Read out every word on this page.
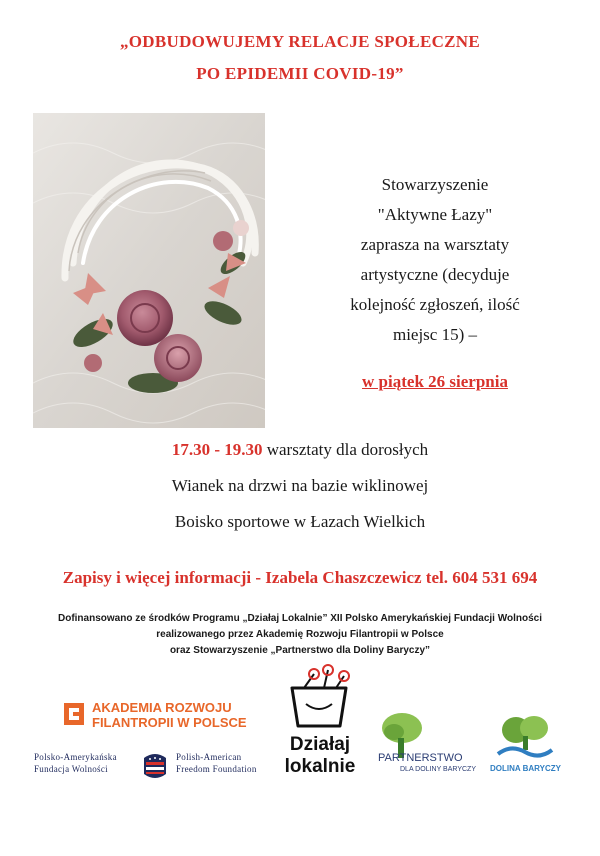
„ODBUDOWUJEMY RELACJE SPOŁECZNE
PO EPIDEMII COVID-19”
Stowarzyszenie
"Aktywne Łazy"
zaprasza na warsztaty
artystyczne (decyduje
kolejność zgłoszeń, ilość
miejsc 15) –
w piątek 26 sierpnia
17.30 - 19.30 warsztaty dla dorosłych
Wianek na drzwi na bazie wiklinowej
Boisko sportowe w Łazach Wielkich
Zapisy i więcej informacji - Izabela Chaszczewicz tel. 604 531 694
Dofinansowano ze środków Programu „Działaj Lokalnie” XII Polsko Amerykańskiej Fundacji Wolności
realizowanego przez Akademię Rozwoju Filantropii w Polsce
oraz Stowarzyszenie „Partnerstwo dla Doliny Baryczy”
AKADEMIA ROZWOJU
FILANTROPII W POLSCE
Polsko-Amerykańska
Fundacja Wolności
Polish-American
Freedom Foundation
Działaj
lokalnie	PARTNERSTWO
DLA DOLINY BARYCZY DOLINA BARYCZY
